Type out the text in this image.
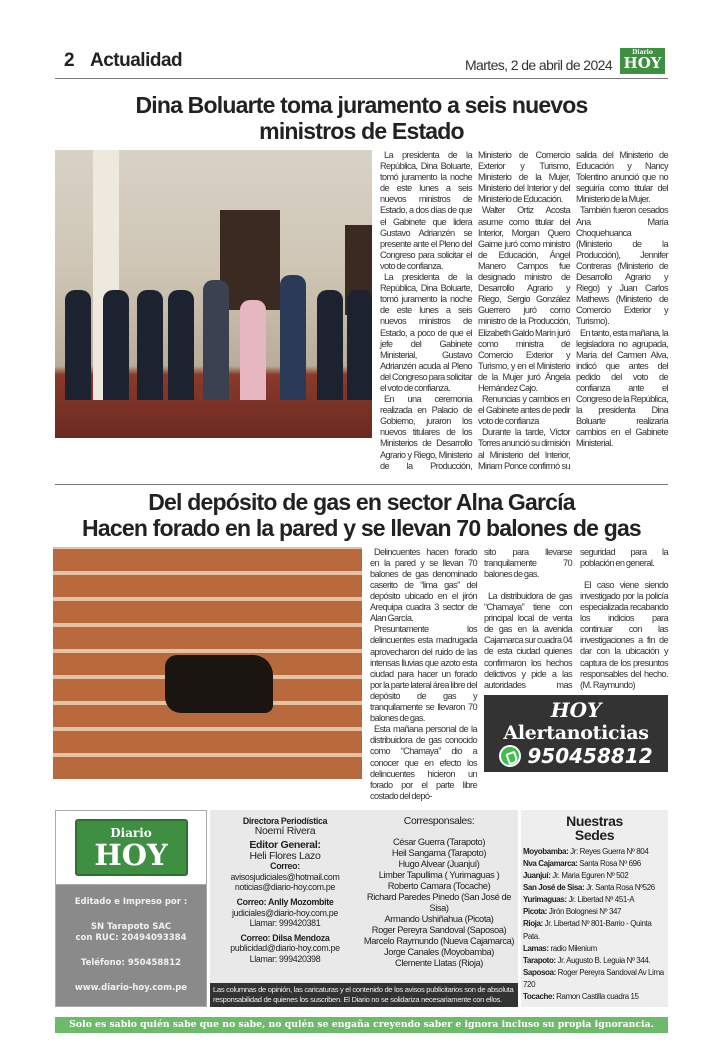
2 Actualidad	Martes, 2 de abril de 2024
Diario
HOY
Dina Boluarte toma juramento a seis nuevos
ministros de Estado

La presidenta de la República, Dina Boluarte, tomó juramento la noche de este lunes a seis nuevos ministros de Estado, a dos días de que el Gabinete que lidera Gustavo Adrianzén se presente ante el Pleno del Congreso para solicitar el voto de confianza.

La presidenta de la República, Dina Boluarte, tomó juramento la noche de este lunes a seis nuevos ministros de Estado, a poco de que el jefe del Gabinete Ministerial, Gustavo Adrianzén acuda al Pleno del Congreso para solicitar el voto de confianza.

En una ceremonia realizada en Palacio de Gobierno, juraron los nuevos titulares de los Ministerios de Desarrollo Agrario y Riego, Ministerio de la Producción, Ministerio de Comercio Exterior y Turismo, Ministerio de la Mujer, Ministerio del Interior y del Ministerio de Educación.

Walter Ortiz Acosta asume como titular del Interior, Morgan Quero Gaime juró como ministro de Educación, Ángel Manero Campos fue designado ministro de Desarrollo Agrario y Riego, Sergio González Guerrero juró como ministro de la Producción, Elizabeth Galdo Marín juró como ministra de Comercio Exterior y Turismo, y en el Ministerio de la Mujer juró Ángela Hernández Cajo.

Renuncias y cambios en el Gabinete antes de pedir voto de confianza

Durante la tarde, Víctor Torres anunció su dimisión al Ministerio del Interior, Miriam Ponce confirmó su salida del Ministerio de Educación y Nancy Tolentino anunció que no seguiría como titular del Ministerio de la Mujer.

También fueron cesados Ana María Choquehuanca (Ministerio de la Producción), Jennifer Contreras (Ministerio de Desarrollo Agrario y Riego) y Juan Carlos Mathews (Ministerio de Comercio Exterior y Turismo).

En tanto, esta mañana, la legisladora no agrupada, María del Carmen Alva, indicó que antes del pedido del voto de confianza ante el Congreso de la República, la presidenta Dina Boluarte realizaría cambios en el Gabinete Ministerial.

Del depósito de gas en sector Alna García
Hacen forado en la pared y se llevan 70 balones de gas

Delincuentes hacen forado en la pared y se llevan 70 balones de gas denominado caserito de “lima gas” del depósito ubicado en el jirón Arequipa cuadra 3 sector de Alan García.

Presuntamente los delincuentes esta madrugada aprovecharon del ruido de las intensas lluvias que azoto esta ciudad para hacer un forado por la parte lateral área libre del depósito de gas y tranquilamente se llevaron 70 balones de gas.

Esta mañana personal de la distribuidora de gas conocido como “Chamaya” dio a conocer que en efecto los delincuentes hicieron un forado por el parte libre costado del depó-

sito para llevarse tranquilamente 70 balones de gas.

La distribuidora de gas “Chamaya” tiene con principal local de venta de gas en la avenida Cajamarca sur cuadra 04 de esta ciudad quienes confirmaron los hechos delictivos y pide a las autoridades mas seguridad para la población en general.

El caso viene siendo investigado por la policía especializada recabando los indicios para continuar con las investigaciones a fin de dar con la ubicación y captura de los presuntos responsables del hecho. (M. Raymundo)

HOY
Alertanoticias
950458812
Diario
HOY

Editado e Impreso por :

SN Tarapoto SAC

con RUC: 20494093384

Teléfono: 950458812

www.diario-hoy.com.pe

Directora Periodística
Noemí Rivera
Editor General:
Heli Flores Lazo
Correo:
avisosjudiciales@hotmail.com
noticias@diario-hoy.com.pe
Correo: Anlly Mozombite
judiciales@diario-hoy.com.pe
Llamar: 999420381
Correo: Dilsa Mendoza
publicidad@diario-hoy.com.pe
Llamar: 999420398
Corresponsales:
César Guerra (Tarapoto)
Heil Sangama (Tarapoto)
Hugo Alvear (Juanjuí)
Limber Tapullima ( Yurimaguas )
Roberto Camara (Tocache)
Richard Paredes Pinedo (San José de Sisa)
Armando Ushiñahua (Picota)
Roger Pereyra Sandoval (Saposoa)
Marcelo Raymundo (Nueva Cajamarca)
Jorge Canales (Moyobamba)
Clemente Llatas (Rioja)
Las columnas de opinión, las caricaturas y el contenido de los avisos publicitarios son de absoluta responsabilidad de quienes los suscriben. El Diario no se solidariza necesariamente con ellos.
Nuestras
Sedes
Moyobamba: Jr: Reyes Guerra Nº 804
Nva Cajamarca: Santa Rosa Nº 696
Juanjuí: Jr. Maria Eguren Nº 502
San José de Sisa: Jr. Santa Rosa Nº526
Yurimaguas: Jr. Libertad Nº 451-A
Picota: Jirón Bolognesi Nº 347
Rioja: Jr. Libertad Nº 801-Barrio - Quinta Pata.
Lamas: radio Milenium
Tarapoto: Jr. Augusto B. Leguia Nº 344.
Saposoa: Roger Pereyra Sandoval Av Lima 720
Tocache: Ramon Castilla cuadra 15
Solo es sabio quién sabe que no sabe, no quién se engaña creyendo saber e ignora incluso su propia ignorancia.
